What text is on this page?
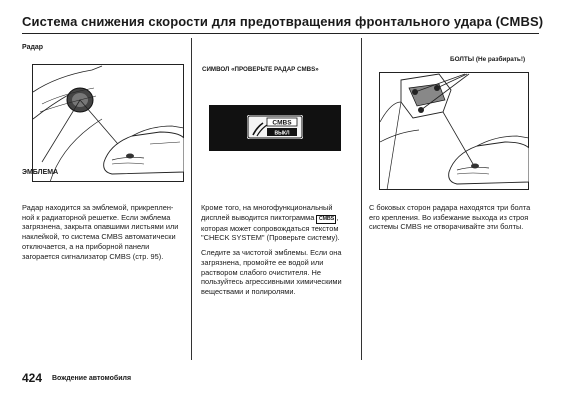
Система снижения скорости для предотвращения фронтального удара (CMBS)
Радар
ЭМБЛЕМА
Радар находится за эмблемой, прикреплен-ной к радиаторной решетке. Если эмблема загрязнена, закрыта опавшими листьями или наклейкой, то система CMBS автоматически отключается, а на приборной панели загорается сигнализатор CMBS (стр. 95).
СИМВОЛ «ПРОВЕРЬТЕ РАДАР CMBS»
CMBS
ВЫКЛ

Кроме того, на многофункциональный дисплей выводится пиктограмма CMBS , которая может сопровождаться текстом "CHECK SYSTEM" (Проверьте систему).

Следите за чистотой эмблемы. Если она загрязнена, промойте ее водой или раствором слабого очистителя. Не пользуйтесь агрессивными химическими веществами и полиролями.

БОЛТЫ (Не разбирать!)
С боковых сторон радара находятся три болта его крепления. Во избежание выхода из строя системы CMBS не отворачивайте эти болты.
424 Вождение автомобиля
